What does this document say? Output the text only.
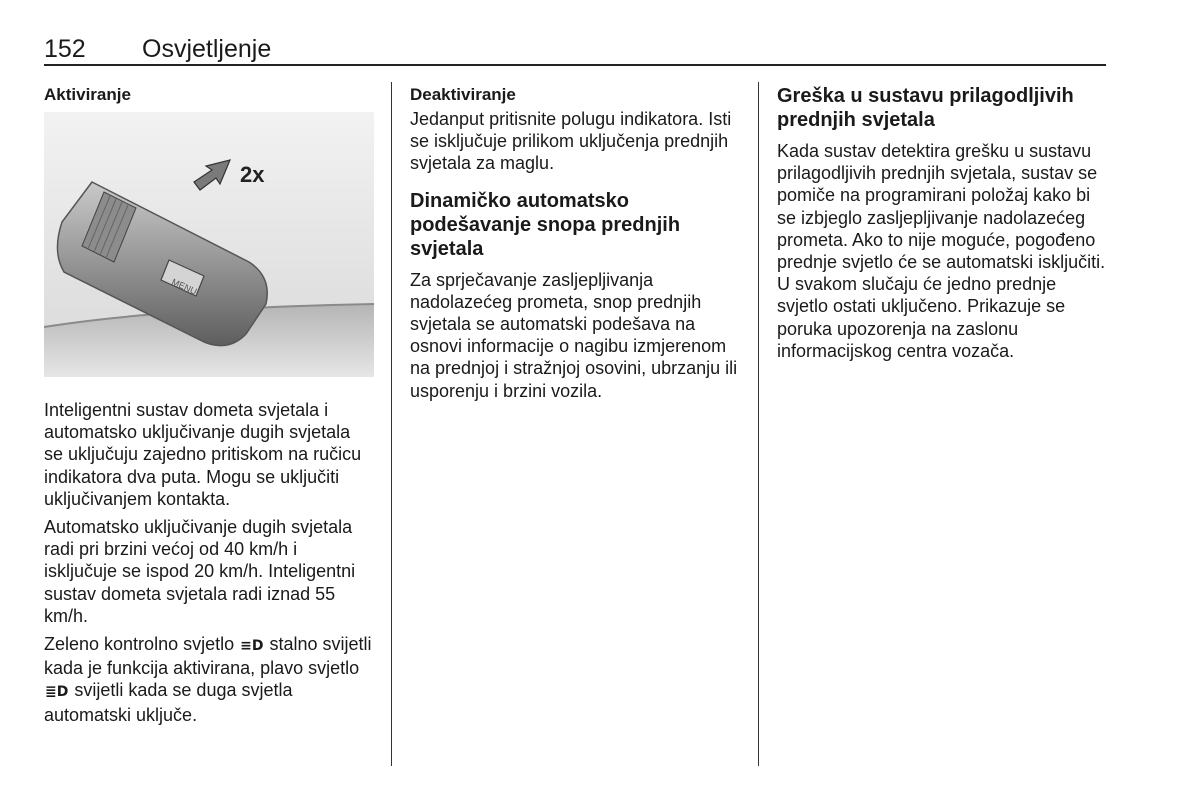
152 Osvjetljenje
Aktiviranje
MENU
2x

Inteligentni sustav dometa svjetala i automatsko uključivanje dugih svjetala se uključuju zajedno pritiskom na ručicu indikatora dva puta. Mogu se uključiti uključivanjem kontakta.

Automatsko uključivanje dugih svjetala radi pri brzini većoj od 40 km/h i isključuje se ispod 20 km/h. Inteligentni sustav dometa svjetala radi iznad 55 km/h.

Zeleno kontrolno svjetlo ≡D stalno svijetli kada je funkcija aktivirana, plavo svjetlo ≣D svijetli kada se duga svjetla automatski uključe.

Deaktiviranje

Jedanput pritisnite polugu indikatora. Isti se isključuje prilikom uključenja prednjih svjetala za maglu.

Dinamičko automatsko podešavanje snopa prednjih svjetala

Za sprječavanje zasljepljivanja nadolazećeg prometa, snop prednjih svjetala se automatski podešava na osnovi informacije o nagibu izmjerenom na prednjoj i stražnjoj osovini, ubrzanju ili usporenju i brzini vozila.

Greška u sustavu prilagodljivih prednjih svjetala

Kada sustav detektira grešku u sustavu prilagodljivih prednjih svjetala, sustav se pomiče na programirani položaj kako bi se izbjeglo zasljepljivanje nadolazećeg prometa. Ako to nije moguće, pogođeno prednje svjetlo će se automatski isključiti. U svakom slučaju će jedno prednje svjetlo ostati uključeno. Prikazuje se poruka upozorenja na zaslonu informacijskog centra vozača.
